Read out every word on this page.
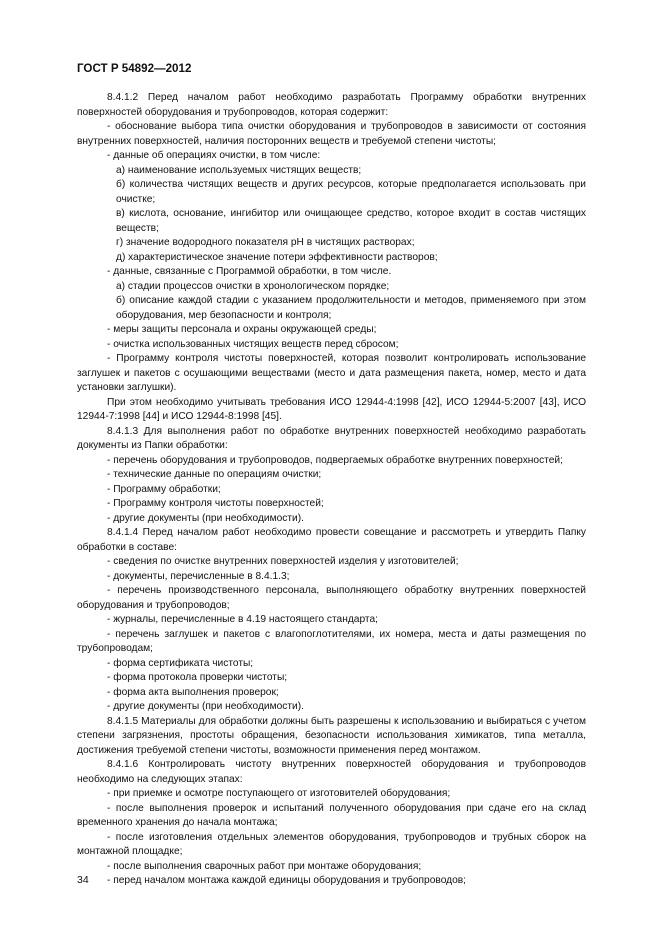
ГОСТ Р 54892—2012

8.4.1.2 Перед началом работ необходимо разработать Программу обработки внутренних поверхностей оборудования и трубопроводов, которая содержит:

- обоснование выбора типа очистки оборудования и трубопроводов в зависимости от состояния внутренних поверхностей, наличия посторонних веществ и требуемой степени чистоты;

- данные об операциях очистки, в том числе:

а) наименование используемых чистящих веществ;

б) количества чистящих веществ и других ресурсов, которые предполагается использовать при очистке;

в) кислота, основание, ингибитор или очищающее средство, которое входит в состав чистящих веществ;

г) значение водородного показателя рН в чистящих растворах;

д) характеристическое значение потери эффективности растворов;

- данные, связанные с Программой обработки, в том числе.

а) стадии процессов очистки в хронологическом порядке;

б) описание каждой стадии с указанием продолжительности и методов, применяемого при этом оборудования, мер безопасности и контроля;

- меры защиты персонала и охраны окружающей среды;

- очистка использованных чистящих веществ перед сбросом;

- Программу контроля чистоты поверхностей, которая позволит контролировать использование заглушек и пакетов с осушающими веществами (место и дата размещения пакета, номер, место и дата установки заглушки).

При этом необходимо учитывать требования ИСО 12944-4:1998 [42], ИСО 12944-5:2007 [43], ИСО 12944-7:1998 [44] и ИСО 12944-8:1998 [45].

8.4.1.3 Для выполнения работ по обработке внутренних поверхностей необходимо разработать документы из Папки обработки:

- перечень оборудования и трубопроводов, подвергаемых обработке внутренних поверхностей;

- технические данные по операциям очистки;

- Программу обработки;

- Программу контроля чистоты поверхностей;

- другие документы (при необходимости).

8.4.1.4 Перед началом работ необходимо провести совещание и рассмотреть и утвердить Папку обработки в составе:

- сведения по очистке внутренних поверхностей изделия у изготовителей;

- документы, перечисленные в 8.4.1.3;

- перечень производственного персонала, выполняющего обработку внутренних поверхностей оборудования и трубопроводов;

- журналы, перечисленные в 4.19 настоящего стандарта;

- перечень заглушек и пакетов с влагопоглотителями, их номера, места и даты размещения по трубопроводам;

- форма сертификата чистоты;

- форма протокола проверки чистоты;

- форма акта выполнения проверок;

- другие документы (при необходимости).

8.4.1.5 Материалы для обработки должны быть разрешены к использованию и выбираться с учетом степени загрязнения, простоты обращения, безопасности использования химикатов, типа металла, достижения требуемой степени чистоты, возможности применения перед монтажом.

8.4.1.6 Контролировать чистоту внутренних поверхностей оборудования и трубопроводов необходимо на следующих этапах:

- при приемке и осмотре поступающего от изготовителей оборудования;

- после выполнения проверок и испытаний полученного оборудования при сдаче его на склад временного хранения до начала монтажа;

- после изготовления отдельных элементов оборудования, трубопроводов и трубных сборок на монтажной площадке;

- после выполнения сварочных работ при монтаже оборудования;

- перед началом монтажа каждой единицы оборудования и трубопроводов;

34
